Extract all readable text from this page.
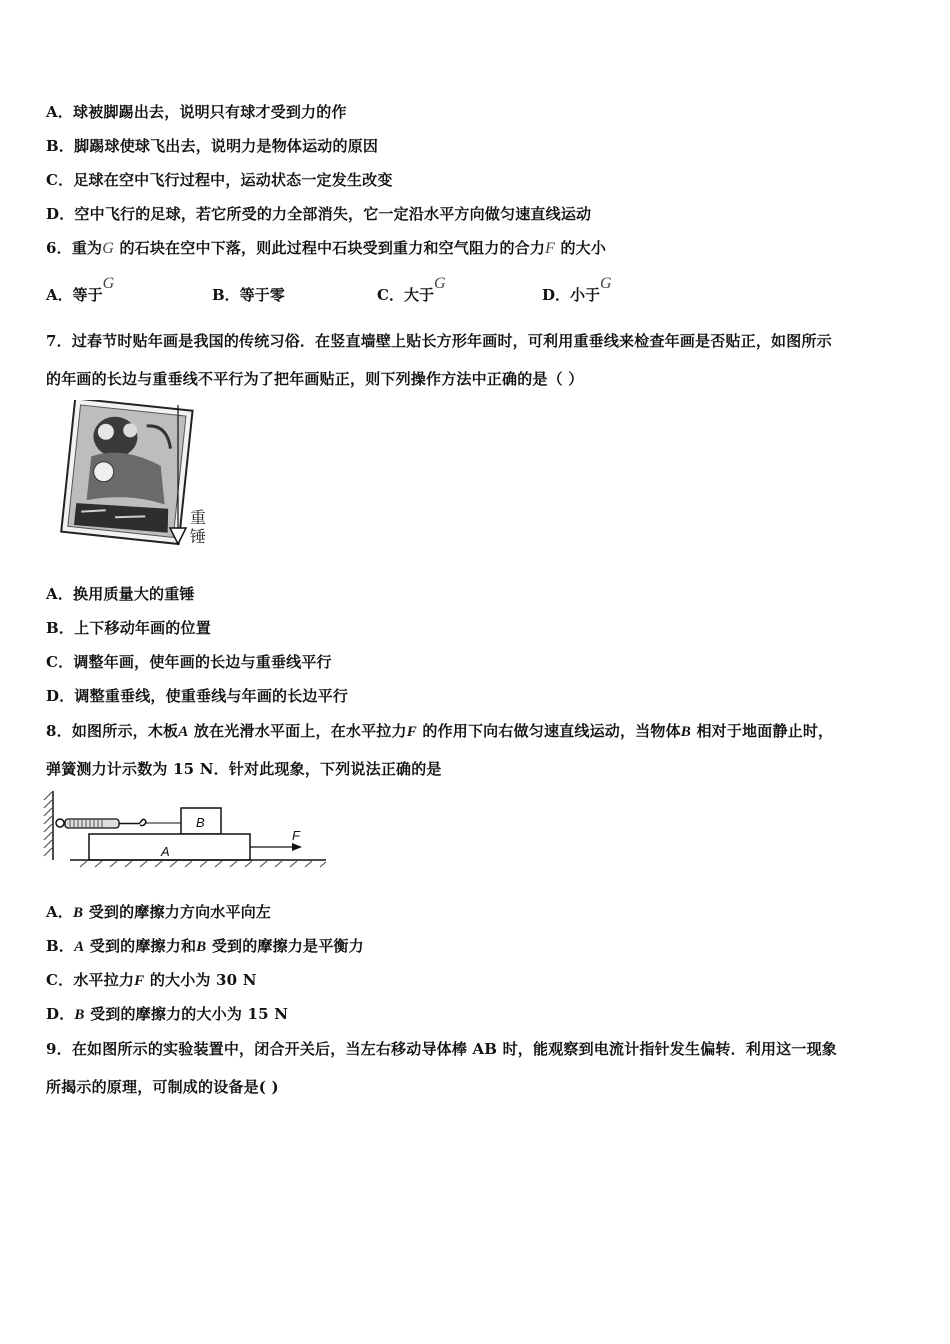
A．球被脚踢出去，说明只有球才受到力的作
B．脚踢球使球飞出去，说明力是物体运动的原因
C．足球在空中飞行过程中，运动状态一定发生改变
D．空中飞行的足球，若它所受的力全部消失，它一定沿水平方向做匀速直线运动
6．重为G 的石块在空中下落，则此过程中石块受到重力和空气阻力的合力F 的大小
A．等于G
B．等于零	C．大于G
D．小于G
7．过春节时贴年画是我国的传统习俗．在竖直墙壁上贴长方形年画时，可利用重垂线来检查年画是否贴正，如图所示
的年画的长边与重垂线不平行为了把年画贴正，则下列操作方法中正确的是（ ）
重
锤
A．换用质量大的重锤
B．上下移动年画的位置
C．调整年画，使年画的长边与重垂线平行
D．调整重垂线，使重垂线与年画的长边平行
8．如图所示，木板A 放在光滑水平面上，在水平拉力F 的作用下向右做匀速直线运动，当物体B 相对于地面静止时，
弹簧测力计示数为 15 N．针对此现象，下列说法正确的是
B
A
F
A．B 受到的摩擦力方向水平向左
B．A 受到的摩擦力和B 受到的摩擦力是平衡力
C．水平拉力F 的大小为 30 N
D．B 受到的摩擦力的大小为 15 N
9．在如图所示的实验装置中，闭合开关后，当左右移动导体棒 AB 时，能观察到电流计指针发生偏转．利用这一现象
所揭示的原理，可制成的设备是( )
